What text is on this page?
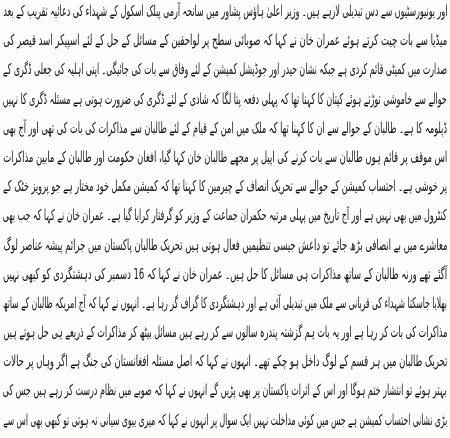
اور یونیورسٹیوں سے دس تبدیلی لارہے ہیں۔ وزیر اعلیٰ ہاؤس پشاور میں سانحہ آرمی پبلک اسکول کے شہداء کی دعائیہ تقریب کے بعد
میڈیا سے بات چیت کرتے ہوئے عمران خان نے کہا کہ صوبائی سطح پر لواحقین کے مسائل کے حل کے لئے اسپیکر اسد قیصر کی
صدارت میں کمیٹی قائم کردی ہے جبکہ نشان حیدر اور جوڈیشل کمیشن کے لئے وفاق سے بات کی جائیگی۔ اپنی اہلیہ کی جعلی ڈگری کے
حوالے سے خاموشی توڑتے ہوئے کپتان کا کہنا تھا کہ پہلی دفعہ پتا لگا کہ شادی کے لئے ڈگری کی ضرورت ہوتی ہے مسئلہ ڈگری کا نہیں
ڈپلومہ کا ہے۔ طالبان کے حوالے سے ان کا کہنا تھا کہ ملک میں امن کے قیام کے لئے طالبان سے مذاکرات کی بات کی تھی اور آج بھی
اس موقف پر قائم ہوں طالبان سے بات کرنے کی اپیل پر مجھے طالبان خان کہا گیا، افغان حکومت اور طالبان کے مابین مذاکرات
پر خوشی ہے۔ احتساب کمیشن کے حوالے سے تحریک انصاف کے چیرمین کا کہنا تھا کہ کمیشن مکمل خود مختار ہے جو پرویز خٹک کے
کنٹرول میں بھی نہیں ہے اور آج تاریخ میں پہلی مرتبہ حکمران جماعت کے وزیر کو گرفتار کرایا گیا ہے۔ عمران خان نے کہا کہ جب بھی
معاشرے میں بے انصافی بڑھ جائے تو داعش جیسی تنظیمیں فعال ہوتی ہیں تحریک طالبان پاکستان میں جرائم پیشہ عناصر لوگ
آگئے تھے ورنہ طالبان کے ساتھ مذاکرات ہی مسائل کا حل ہیں۔ عمران خان نے کہا کہ 16 دسمبر کی دہشتگردی کو کبھی نہیں
بھلایا جاسکتا شہداء کی قربانی سے ملک میں تبدیلی آئی ہے اور دہشتگردی کا گراف گر رہا ہے۔ انہوں نے کہا کہ آج امریکہ طالبان کے ساتھ
مذاکرات کی بات کر رہا ہے اور یہ بات ہم گزشتہ پندرہ سالوں سے کر رہے ہیں مسائل بیٹھ کر مذاکرات کے ذریعے ہی حل ہوتے ہیں
تحریک طالبان میں ہر قسم کے لوگ داخل ہو چکے تھے۔ انہوں نے کہا کہ اصل مسئلہ افغانستان کی جنگ ہے اگر وہاں پر حالات
بہتر ہوئے تو انتشار ختم ہوگا اور اس کے اثرات پاکستان پر بھی پڑیں گے انہوں نے کہا کہ صوبے میں نظام درست کر رہے ہیں جس کی
بڑی نشانی احتساب کمیشن ہے جس میں کوئی مداخلت نہیں ایک سوال پر انہوں نے کہا کہ میری بیوی سیانی نہ ہوتی تو کبھی بھی اس سے
